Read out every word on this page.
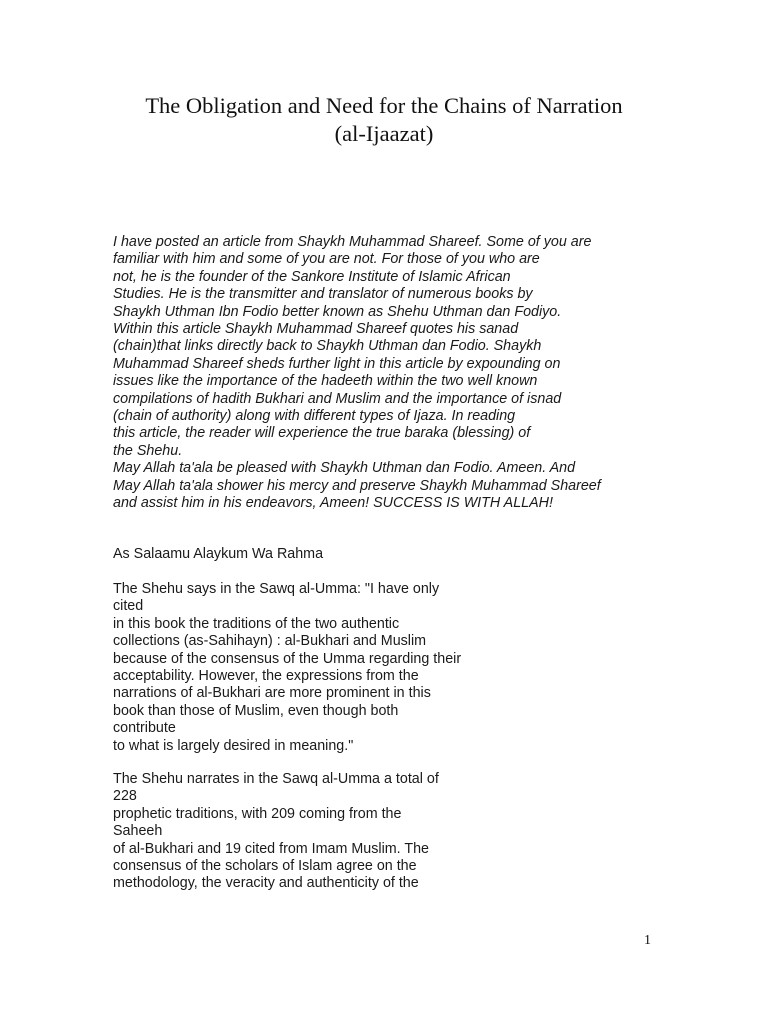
The Obligation and Need for the Chains of Narration
(al-Ijaazat)
I have posted an article from Shaykh Muhammad Shareef. Some of you are
familiar with him and some of you are not. For those of you who are
not, he is the founder of the Sankore Institute of Islamic African
Studies. He is the transmitter and translator of numerous books by
Shaykh Uthman Ibn Fodio better known as Shehu Uthman dan Fodiyo.
Within this article Shaykh Muhammad Shareef quotes his sanad
(chain)that links directly back to Shaykh Uthman dan Fodio. Shaykh
Muhammad Shareef sheds further light in this article by expounding on
issues like the importance of the hadeeth within the two well known
compilations of hadith Bukhari and Muslim and the importance of isnad
(chain of authority) along with different types of Ijaza. In reading
this article, the reader will experience the true baraka (blessing) of
the Shehu.
May Allah ta'ala be pleased with Shaykh Uthman dan Fodio. Ameen. And
May Allah ta'ala shower his mercy and preserve Shaykh Muhammad Shareef
and assist him in his endeavors, Ameen! SUCCESS IS WITH ALLAH!
As Salaamu Alaykum Wa Rahma
The Shehu says in the Sawq al-Umma: "I have only
cited
in this book the traditions of the two authentic
collections (as-Sahihayn) : al-Bukhari and Muslim
because of the consensus of the Umma regarding their
acceptability. However, the expressions from the
narrations of al-Bukhari are more prominent in this
book than those of Muslim, even though both
contribute
to what is largely desired in meaning."
The Shehu narrates in the Sawq al-Umma a total of
228
prophetic traditions, with 209 coming from the
Saheeh
of al-Bukhari and 19 cited from Imam Muslim. The
consensus of the scholars of Islam agree on the
methodology, the veracity and authenticity of the
1
